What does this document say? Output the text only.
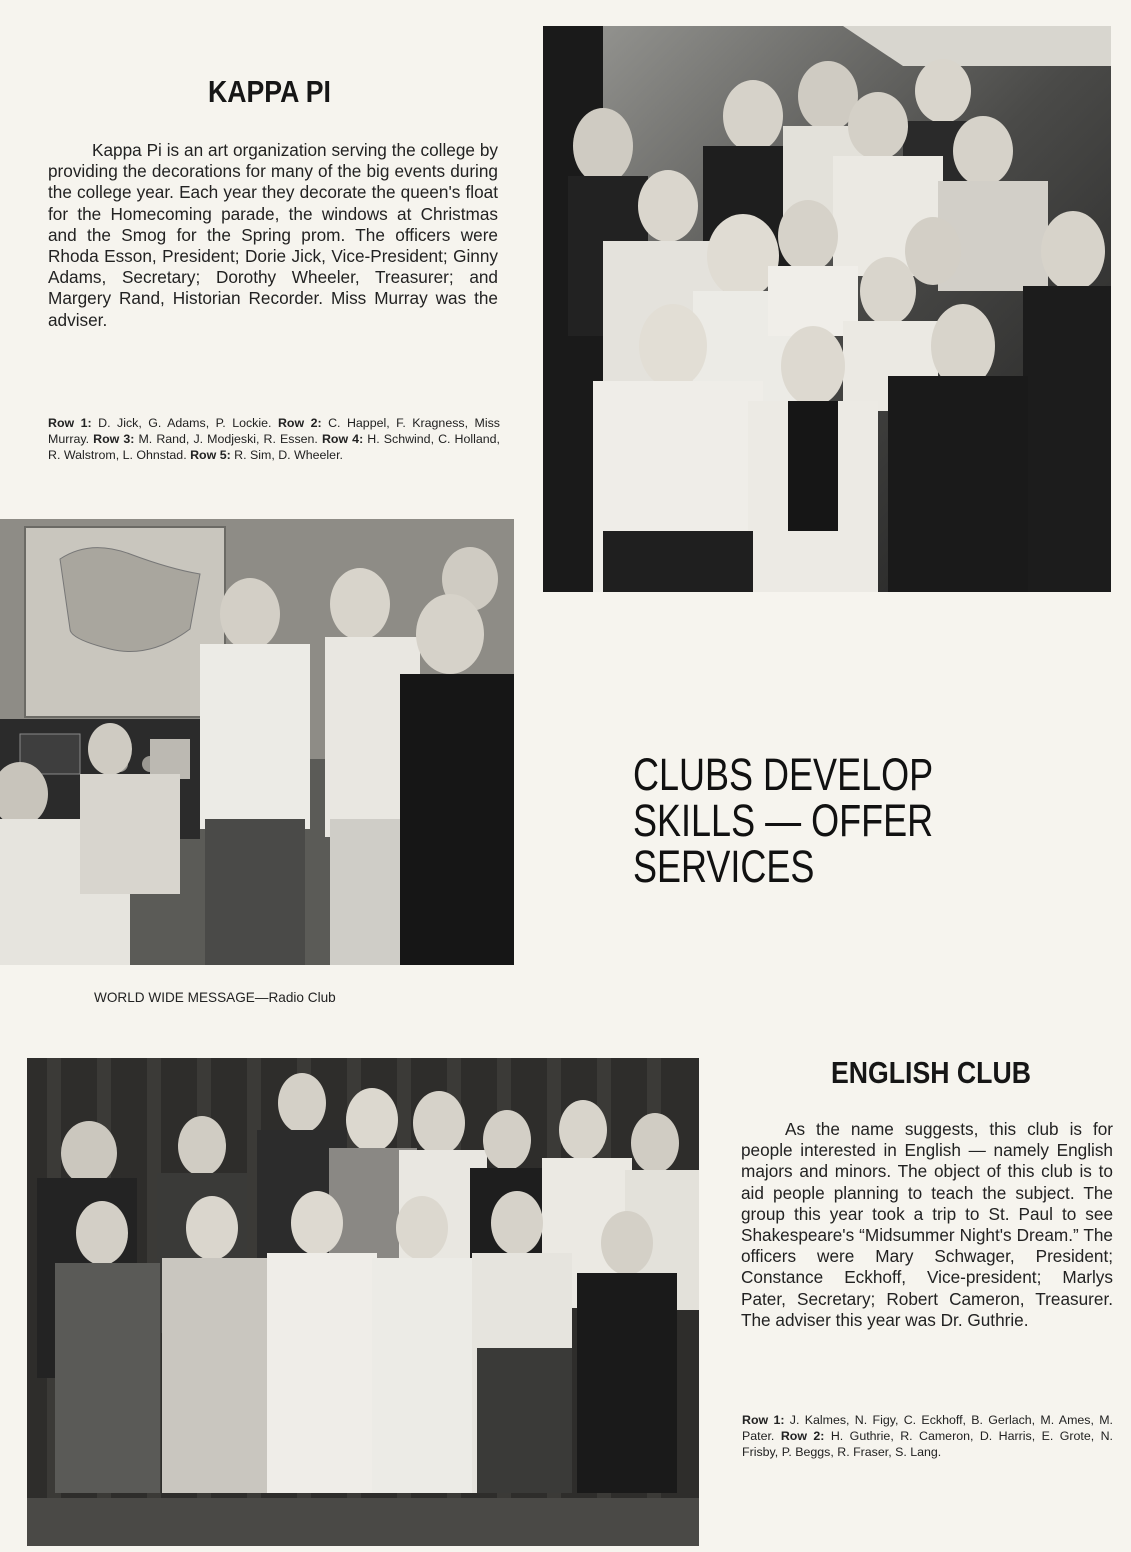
KAPPA PI

Kappa Pi is an art organization serving the college by providing the decorations for many of the big events during the college year. Each year they decorate the queen's float for the Homecoming parade, the windows at Christmas and the Smog for the Spring prom. The officers were Rhoda Esson, President; Dorie Jick, Vice-President; Ginny Adams, Secretary; Dorothy Wheeler, Treasurer; and Margery Rand, Historian Recorder. Miss Murray was the adviser.

Row 1: D. Jick, G. Adams, P. Lockie. Row 2: C. Happel, F. Kragness, Miss Murray. Row 3: M. Rand, J. Modjeski, R. Essen. Row 4: H. Schwind, C. Holland, R. Walstrom, L. Ohnstad. Row 5: R. Sim, D. Wheeler.

WORLD WIDE MESSAGE—Radio Club

CLUBS DEVELOP
SKILLS — OFFER
SERVICES
ENGLISH CLUB

As the name suggests, this club is for people interested in English — namely English majors and minors. The object of this club is to aid people planning to teach the subject. The group this year took a trip to St. Paul to see Shakespeare's “Midsummer Night's Dream.” The officers were Mary Schwager, President; Constance Eckhoff, Vice-president; Marlys Pater, Secretary; Robert Cameron, Treasurer. The adviser this year was Dr. Guthrie.

Row 1: J. Kalmes, N. Figy, C. Eckhoff, B. Gerlach, M. Ames, M. Pater. Row 2: H. Guthrie, R. Cameron, D. Harris, E. Grote, N. Frisby, P. Beggs, R. Fraser, S. Lang.
